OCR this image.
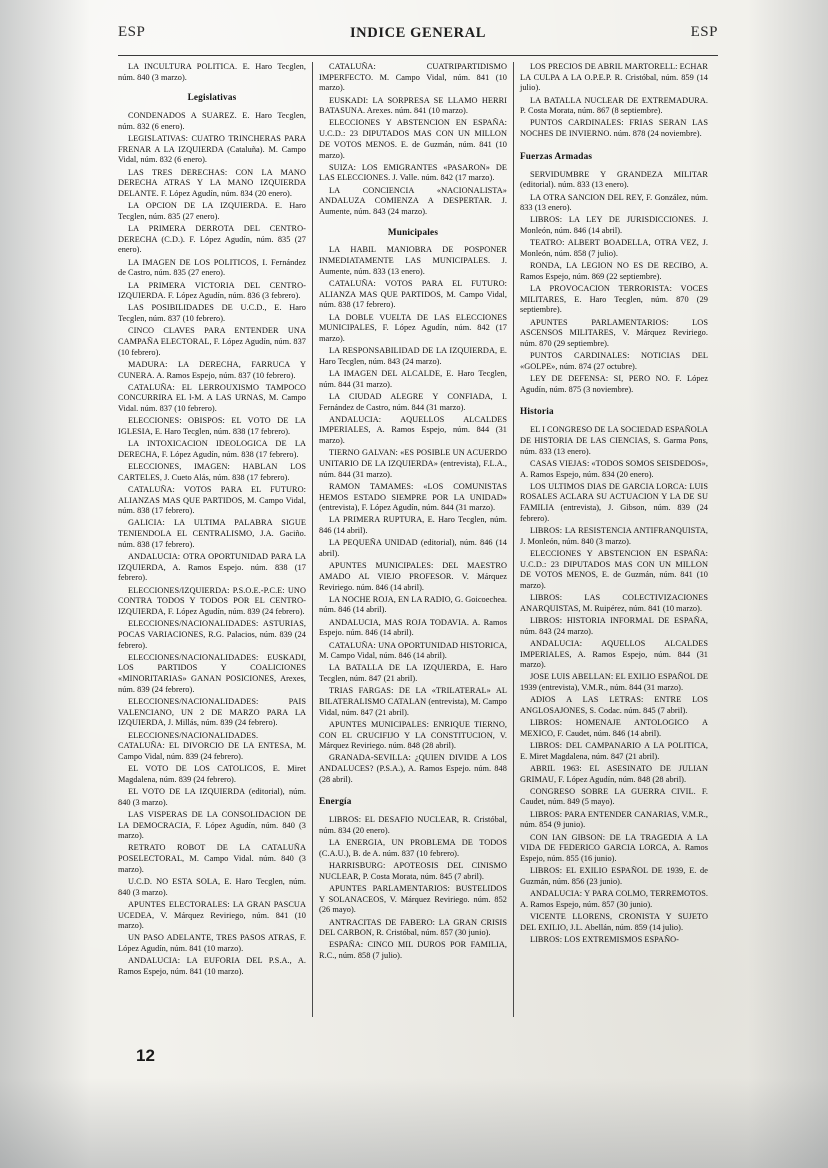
ESP	INDICE GENERAL	ESP
LA INCULTURA POLITICA. E. Haro Tecglen, núm. 840 (3 marzo).
Legislativas
CONDENADOS A SUAREZ. E. Haro Tecglen, núm. 832 (6 enero).
LEGISLATIVAS: CUATRO TRINCHERAS PARA FRENAR A LA IZQUIERDA (Cataluña). M. Campo Vidal, núm. 832 (6 enero).
LAS TRES DERECHAS: CON LA MANO DERECHA ATRAS Y LA MANO IZQUIERDA DELANTE. F. López Agudín, núm. 834 (20 enero).
LA OPCION DE LA IZQUIERDA. E. Haro Tecglen, núm. 835 (27 enero).
LA PRIMERA DERROTA DEL CENTRO-DERECHA (C.D.). F. López Agudín, núm. 835 (27 enero).
LA IMAGEN DE LOS POLITICOS, I. Fernández de Castro, núm. 835 (27 enero).
LA PRIMERA VICTORIA DEL CENTRO-IZQUIERDA. F. López Agudín, núm. 836 (3 febrero).
LAS POSIBILIDADES DE U.C.D., E. Haro Tecglen, núm. 837 (10 febrero).
CINCO CLAVES PARA ENTENDER UNA CAMPAÑA ELECTORAL, F. López Agudín, núm. 837 (10 febrero).
MADURA: LA DERECHA, FARRUCA Y CUNERA. A. Ramos Espejo, núm. 837 (10 febrero).
CATALUÑA: EL LERROUXISMO TAMPOCO CONCURRIRA EL l-M. A LAS URNAS, M. Campo Vidal. núm. 837 (10 febrero).
ELECCIONES: OBISPOS: EL VOTO DE LA IGLESIA, E. Haro Tecglen, núm. 838 (17 febrero).
LA INTOXICACION IDEOLOGICA DE LA DERECHA, F. López Agudín, núm. 838 (17 febrero).
ELECCIONES, IMAGEN: HABLAN LOS CARTELES, J. Cueto Alás, núm. 838 (17 febrero).
CATALUÑA: VOTOS PARA EL FUTURO: ALIANZAS MAS QUE PARTIDOS, M. Campo Vidal, núm. 838 (17 febrero).
GALICIA: LA ULTIMA PALABRA SIGUE TENIENDOLA EL CENTRALISMO, J.A. Gaciño. núm. 838 (17 febrero).
ANDALUCIA: OTRA OPORTUNIDAD PARA LA IZQUIERDA, A. Ramos Espejo. núm. 838 (17 febrero).
ELECCIONES/IZQUIERDA: P.S.O.E.-P.C.E: UNO CONTRA TODOS Y TODOS POR EL CENTRO-IZQUIERDA, F. López Agudín, núm. 839 (24 febrero).
ELECCIONES/NACIONALIDADES: ASTURIAS, POCAS VARIACIONES, R.G. Palacios, núm. 839 (24 febrero).
ELECCIONES/NACIONALIDADES: EUSKADI, LOS PARTIDOS Y COALICIONES «MINORITARIAS» GANAN POSICIONES, Arexes, núm. 839 (24 febrero).
ELECCIONES/NACIONALIDADES: PAIS VALENCIANO, UN 2 DE MARZO PARA LA IZQUIERDA, J. Millás, núm. 839 (24 febrero).
ELECCIONES/NACIONALIDADES. CATALUÑA: EL DIVORCIO DE LA ENTESA, M. Campo Vidal, núm. 839 (24 febrero).
EL VOTO DE LOS CATOLICOS, E. Miret Magdalena, núm. 839 (24 febrero).
EL VOTO DE LA IZQUIERDA (editorial), núm. 840 (3 marzo).
LAS VISPERAS DE LA CONSOLIDACION DE LA DEMOCRACIA, F. López Agudín, núm. 840 (3 marzo).
RETRATO ROBOT DE LA CATALUÑA POSELECTORAL, M. Campo Vidal. núm. 840 (3 marzo).
U.C.D. NO ESTA SOLA, E. Haro Tecglen, núm. 840 (3 marzo).
APUNTES ELECTORALES: LA GRAN PASCUA UCEDEA, V. Márquez Reviriego, núm. 841 (10 marzo).
UN PASO ADELANTE, TRES PASOS ATRAS, F. López Agudín, núm. 841 (10 marzo).
ANDALUCIA: LA EUFORIA DEL P.S.A., A. Ramos Espejo, núm. 841 (10 marzo).
CATALUÑA: CUATRIPARTIDISMO IMPERFECTO. M. Campo Vidal, núm. 841 (10 marzo).
EUSKADI: LA SORPRESA SE LLAMO HERRI BATASUNA. Arexes. núm. 841 (10 marzo).
ELECCIONES Y ABSTENCION EN ESPAÑA: U.C.D.: 23 DIPUTADOS MAS CON UN MILLON DE VOTOS MENOS. E. de Guzmán, núm. 841 (10 marzo).
SUIZA: LOS EMIGRANTES «PASARON» DE LAS ELECCIONES. J. Valle. núm. 842 (17 marzo).
LA CONCIENCIA «NACIONALISTA» ANDALUZA COMIENZA A DESPERTAR. J. Aumente, núm. 843 (24 marzo).
Municipales
LA HABIL MANIOBRA DE POSPONER INMEDIATAMENTE LAS MUNICIPALES. J. Aumente, núm. 833 (13 enero).
CATALUÑA: VOTOS PARA EL FUTURO: ALIANZA MAS QUE PARTIDOS, M. Campo Vidal, núm. 838 (17 febrero).
LA DOBLE VUELTA DE LAS ELECCIONES MUNICIPALES, F. López Agudín, núm. 842 (17 marzo).
LA RESPONSABILIDAD DE LA IZQUIERDA, E. Haro Tecglen, núm. 843 (24 marzo).
LA IMAGEN DEL ALCALDE, E. Haro Tecglen, núm. 844 (31 marzo).
LA CIUDAD ALEGRE Y CONFIADA, I. Fernández de Castro, núm. 844 (31 marzo).
ANDALUCIA: AQUELLOS ALCALDES IMPERIALES, A. Ramos Espejo, núm. 844 (31 marzo).
TIERNO GALVAN: «ES POSIBLE UN ACUERDO UNITARIO DE LA IZQUIERDA» (entrevista), F.L.A., núm. 844 (31 marzo).
RAMON TAMAMES: «LOS COMUNISTAS HEMOS ESTADO SIEMPRE POR LA UNIDAD» (entrevista), F. López Agudín, núm. 844 (31 marzo).
LA PRIMERA RUPTURA, E. Haro Tecglen, núm. 846 (14 abril).
LA PEQUEÑA UNIDAD (editorial), núm. 846 (14 abril).
APUNTES MUNICIPALES: DEL MAESTRO AMADO AL VIEJO PROFESOR. V. Márquez Reviriego. núm. 846 (14 abril).
LA NOCHE ROJA, EN LA RADIO, G. Goicoechea. núm. 846 (14 abril).
ANDALUCIA, MAS ROJA TODAVIA. A. Ramos Espejo. núm. 846 (14 abril).
CATALUÑA: UNA OPORTUNIDAD HISTORICA, M. Campo Vidal, núm. 846 (14 abril).
LA BATALLA DE LA IZQUIERDA, E. Haro Tecglen, núm. 847 (21 abril).
TRIAS FARGAS: DE LA «TRILATERAL» AL BILATERALISMO CATALAN (entrevista), M. Campo Vidal, núm. 847 (21 abril).
APUNTES MUNICIPALES: ENRIQUE TIERNO, CON EL CRUCIFIJO Y LA CONSTITUCION, V. Márquez Reviriego. núm. 848 (28 abril).
GRANADA-SEVILLA: ¿QUIEN DIVIDE A LOS ANDALUCES? (P.S.A.), A. Ramos Espejo. núm. 848 (28 abril).
Energía
LIBROS: EL DESAFIO NUCLEAR, R. Cristóbal, núm. 834 (20 enero).
LA ENERGIA, UN PROBLEMA DE TODOS (C.A.U.), B. de A. núm. 837 (10 febrero).
HARRISBURG: APOTEOSIS DEL CINISMO NUCLEAR, P. Costa Morata, núm. 845 (7 abril).
APUNTES PARLAMENTARIOS: BUSTELIDOS Y SOLANACEOS, V. Márquez Reviriego. núm. 852 (26 mayo).
ANTRACITAS DE FABERO: LA GRAN CRISIS DEL CARBON, R. Cristóbal, núm. 857 (30 junio).
ESPAÑA: CINCO MIL DUROS POR FAMILIA, R.C., núm. 858 (7 julio).
LOS PRECIOS DE ABRIL MARTORELL: ECHAR LA CULPA A LA O.P.E.P. R. Cristóbal, núm. 859 (14 julio).
LA BATALLA NUCLEAR DE EXTREMADURA. P. Costa Morata, núm. 867 (8 septiembre).
PUNTOS CARDINALES: FRIAS SERAN LAS NOCHES DE INVIERNO. núm. 878 (24 noviembre).
Fuerzas Armadas
SERVIDUMBRE Y GRANDEZA MILITAR (editorial). núm. 833 (13 enero).
LA OTRA SANCION DEL REY, F. González, núm. 833 (13 enero).
LIBROS: LA LEY DE JURISDICCIONES. J. Monleón, núm. 846 (14 abril).
TEATRO: ALBERT BOADELLA, OTRA VEZ, J. Monleón, núm. 858 (7 julio).
RONDA, LA LEGION NO ES DE RECIBO, A. Ramos Espejo, núm. 869 (22 septiembre).
LA PROVOCACION TERRORISTA: VOCES MILITARES, E. Haro Tecglen, núm. 870 (29 septiembre).
APUNTES PARLAMENTARIOS: LOS ASCENSOS MILITARES, V. Márquez Reviriego. núm. 870 (29 septiembre).
PUNTOS CARDINALES: NOTICIAS DEL «GOLPE», núm. 874 (27 octubre).
LEY DE DEFENSA: SI, PERO NO. F. López Agudín, núm. 875 (3 noviembre).
Historia
EL I CONGRESO DE LA SOCIEDAD ESPAÑOLA DE HISTORIA DE LAS CIENCIAS, S. Garma Pons, núm. 833 (13 enero).
CASAS VIEJAS: «TODOS SOMOS SEISDEDOS», A. Ramos Espejo, núm. 834 (20 enero).
LOS ULTIMOS DIAS DE GARCIA LORCA: LUIS ROSALES ACLARA SU ACTUACION Y LA DE SU FAMILIA (entrevista), J. Gibson, núm. 839 (24 febrero).
LIBROS: LA RESISTENCIA ANTIFRANQUISTA, J. Monleón, núm. 840 (3 marzo).
ELECCIONES Y ABSTENCION EN ESPAÑA: U.C.D.: 23 DIPUTADOS MAS CON UN MILLON DE VOTOS MENOS, E. de Guzmán, núm. 841 (10 marzo).
LIBROS: LAS COLECTIVIZACIONES ANARQUISTAS, M. Ruipérez, núm. 841 (10 marzo).
LIBROS: HISTORIA INFORMAL DE ESPAÑA, núm. 843 (24 marzo).
ANDALUCIA: AQUELLOS ALCALDES IMPERIALES, A. Ramos Espejo, núm. 844 (31 marzo).
JOSE LUIS ABELLAN: EL EXILIO ESPAÑOL DE 1939 (entrevista), V.M.R., núm. 844 (31 marzo).
ADIOS A LAS LETRAS: ENTRE LOS ANGLOSAJONES, S. Codac. núm. 845 (7 abril).
LIBROS: HOMENAJE ANTOLOGICO A MEXICO, F. Caudet, núm. 846 (14 abril).
LIBROS: DEL CAMPANARIO A LA POLITICA, E. Miret Magdalena, núm. 847 (21 abril).
ABRIL 1963: EL ASESINATO DE JULIAN GRIMAU, F. López Agudín, núm. 848 (28 abril).
CONGRESO SOBRE LA GUERRA CIVIL. F. Caudet, núm. 849 (5 mayo).
LIBROS: PARA ENTENDER CANARIAS, V.M.R., núm. 854 (9 junio).
CON IAN GIBSON: DE LA TRAGEDIA A LA VIDA DE FEDERICO GARCIA LORCA, A. Ramos Espejo, núm. 855 (16 junio).
LIBROS: EL EXILIO ESPAÑOL DE 1939, E. de Guzmán, núm. 856 (23 junio).
ANDALUCIA: Y PARA COLMO, TERREMOTOS. A. Ramos Espejo, núm. 857 (30 junio).
VICENTE LLORENS, CRONISTA Y SUJETO DEL EXILIO, J.L. Abellán, núm. 859 (14 julio).
LIBROS: LOS EXTREMISMOS ESPAÑO-
12
